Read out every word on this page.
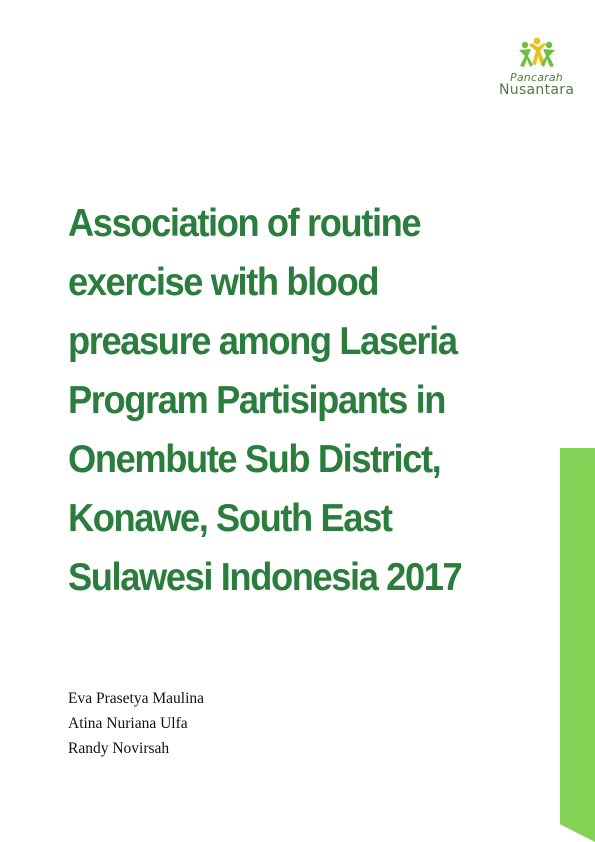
Pancarah
Nusantara
Association of routine
exercise with blood
preasure among Laseria
Program Partisipants in
Onembute Sub District,
Konawe, South East
Sulawesi Indonesia 2017
Eva Prasetya Maulina
Atina Nuriana Ulfa
Randy Novirsah
